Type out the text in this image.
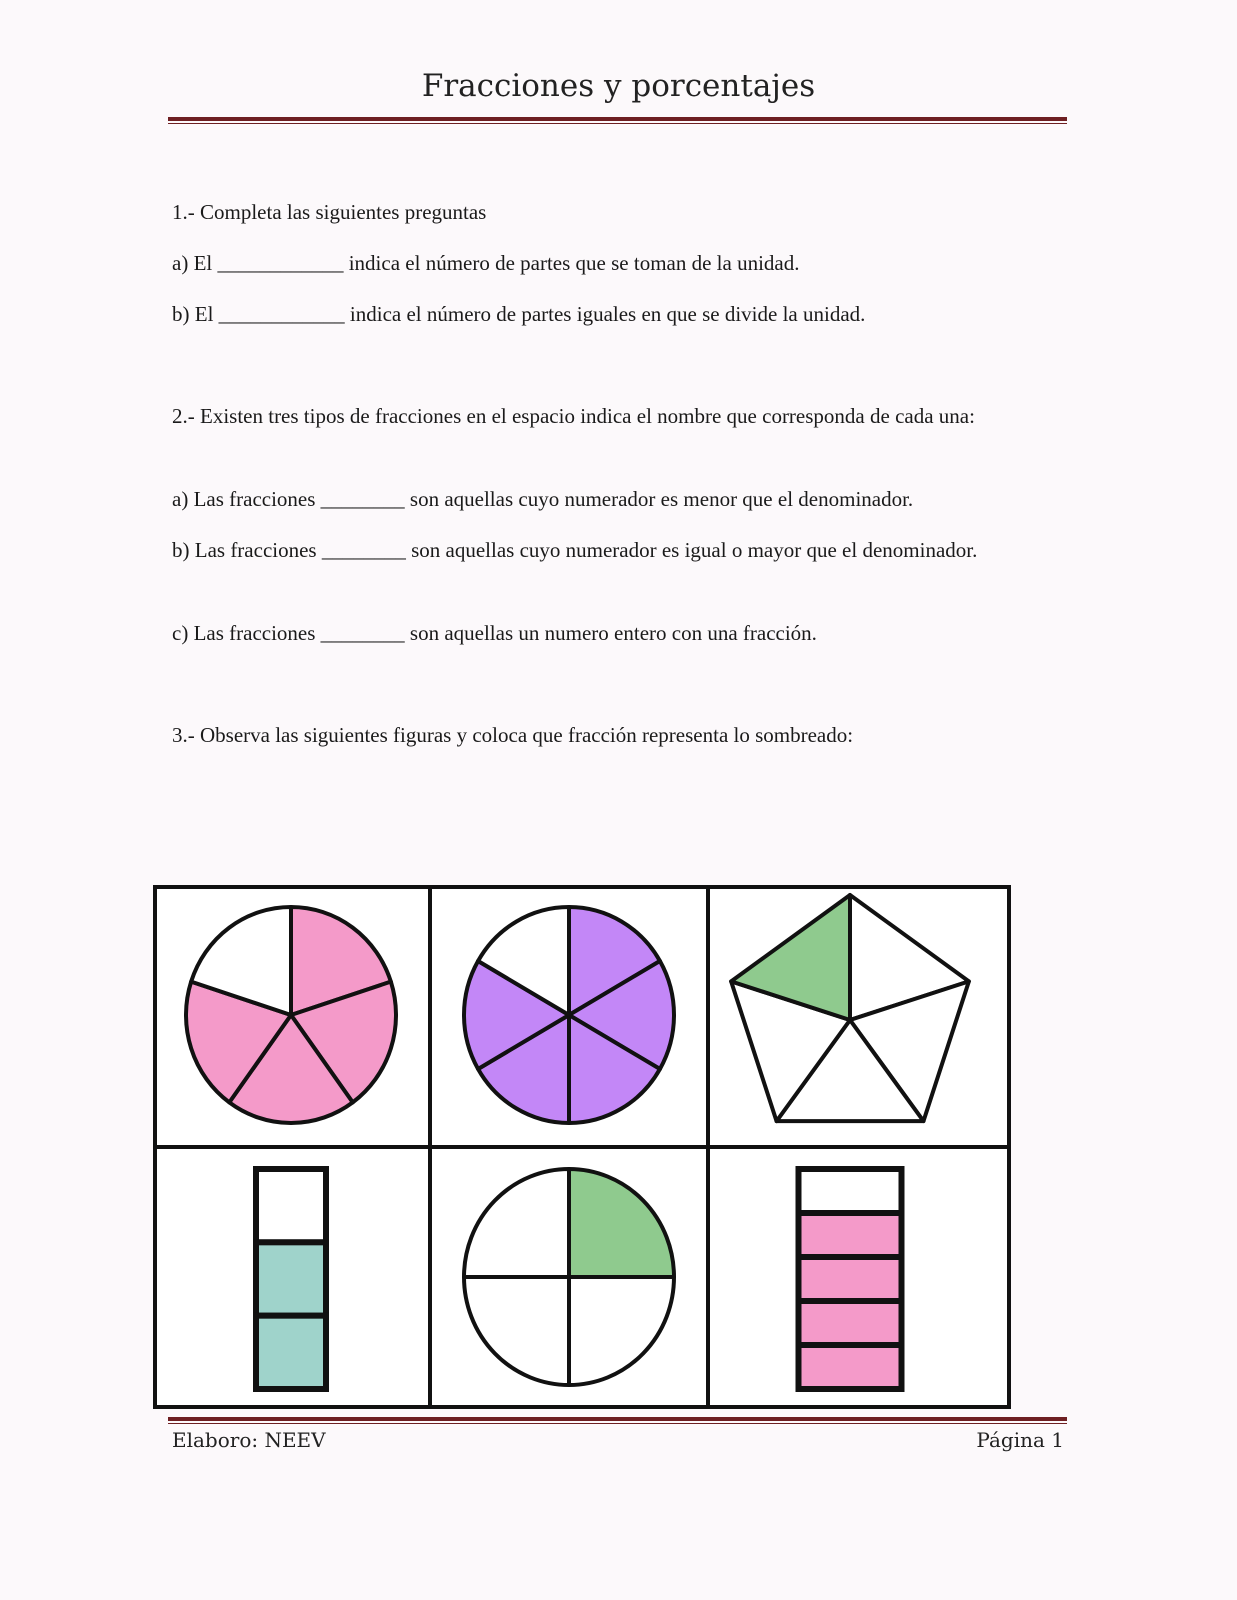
Fracciones y porcentajes

1.- Completa las siguientes preguntas

a) El ____________ indica el número de partes que se toman de la unidad.

b) El ____________ indica el número de partes iguales en que se divide la unidad.

2.- Existen tres tipos de fracciones en el espacio indica el nombre que corresponda de cada una:

a) Las fracciones ________ son aquellas cuyo numerador es menor que el denominador.

b) Las fracciones ________ son aquellas cuyo numerador es igual o mayor que el denominador.

c) Las fracciones ________ son aquellas un numero entero con una fracción.

3.- Observa las siguientes figuras y coloca que fracción representa lo sombreado:

Elaboro: NEEV	Página 1
